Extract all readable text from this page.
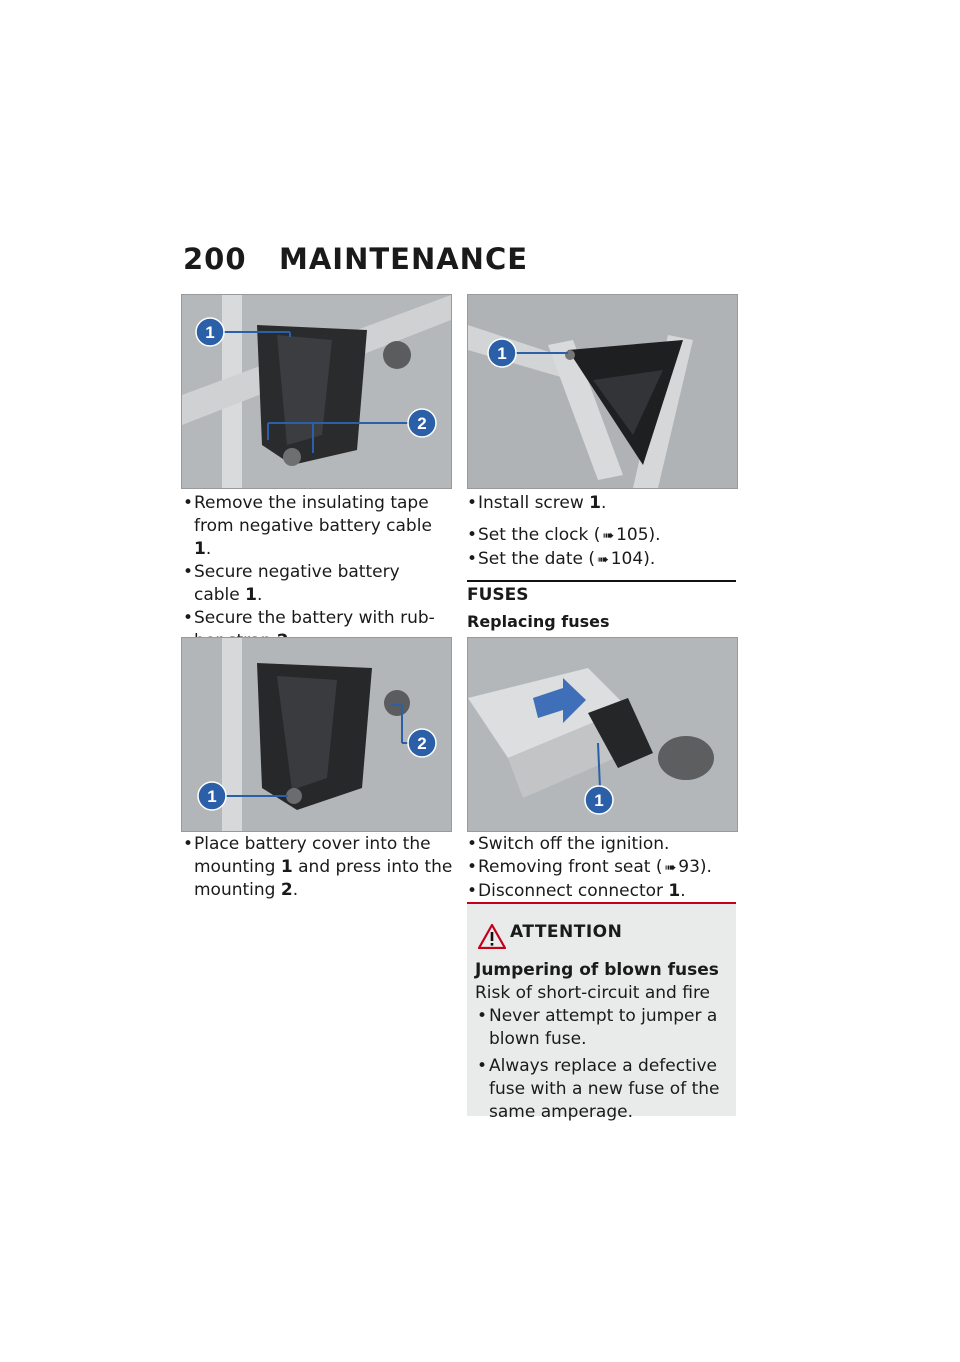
200 MAINTENANCE
1
2

• Remove the insulating tape
from negative battery cable 1.

• Secure negative battery
cable 1.

• Secure the battery with rub-

1
2

• Place battery cover into the
mounting 1 and press into the
mounting 2.

1

• Install screw 1.

• Set the clock ( ➠ 105).

• Set the date ( ➠ 104).

FUSES
Replacing fuses
1

• Switch off the ignition.

• Removing front seat ( ➠ 93).

• Disconnect connector 1.

ATTENTION
Jumpering of blown fuses
Risk of short-circuit and fire

• Never attempt to jumper a
blown fuse.

• Always replace a defective
fuse with a new fuse of the
same amperage.
